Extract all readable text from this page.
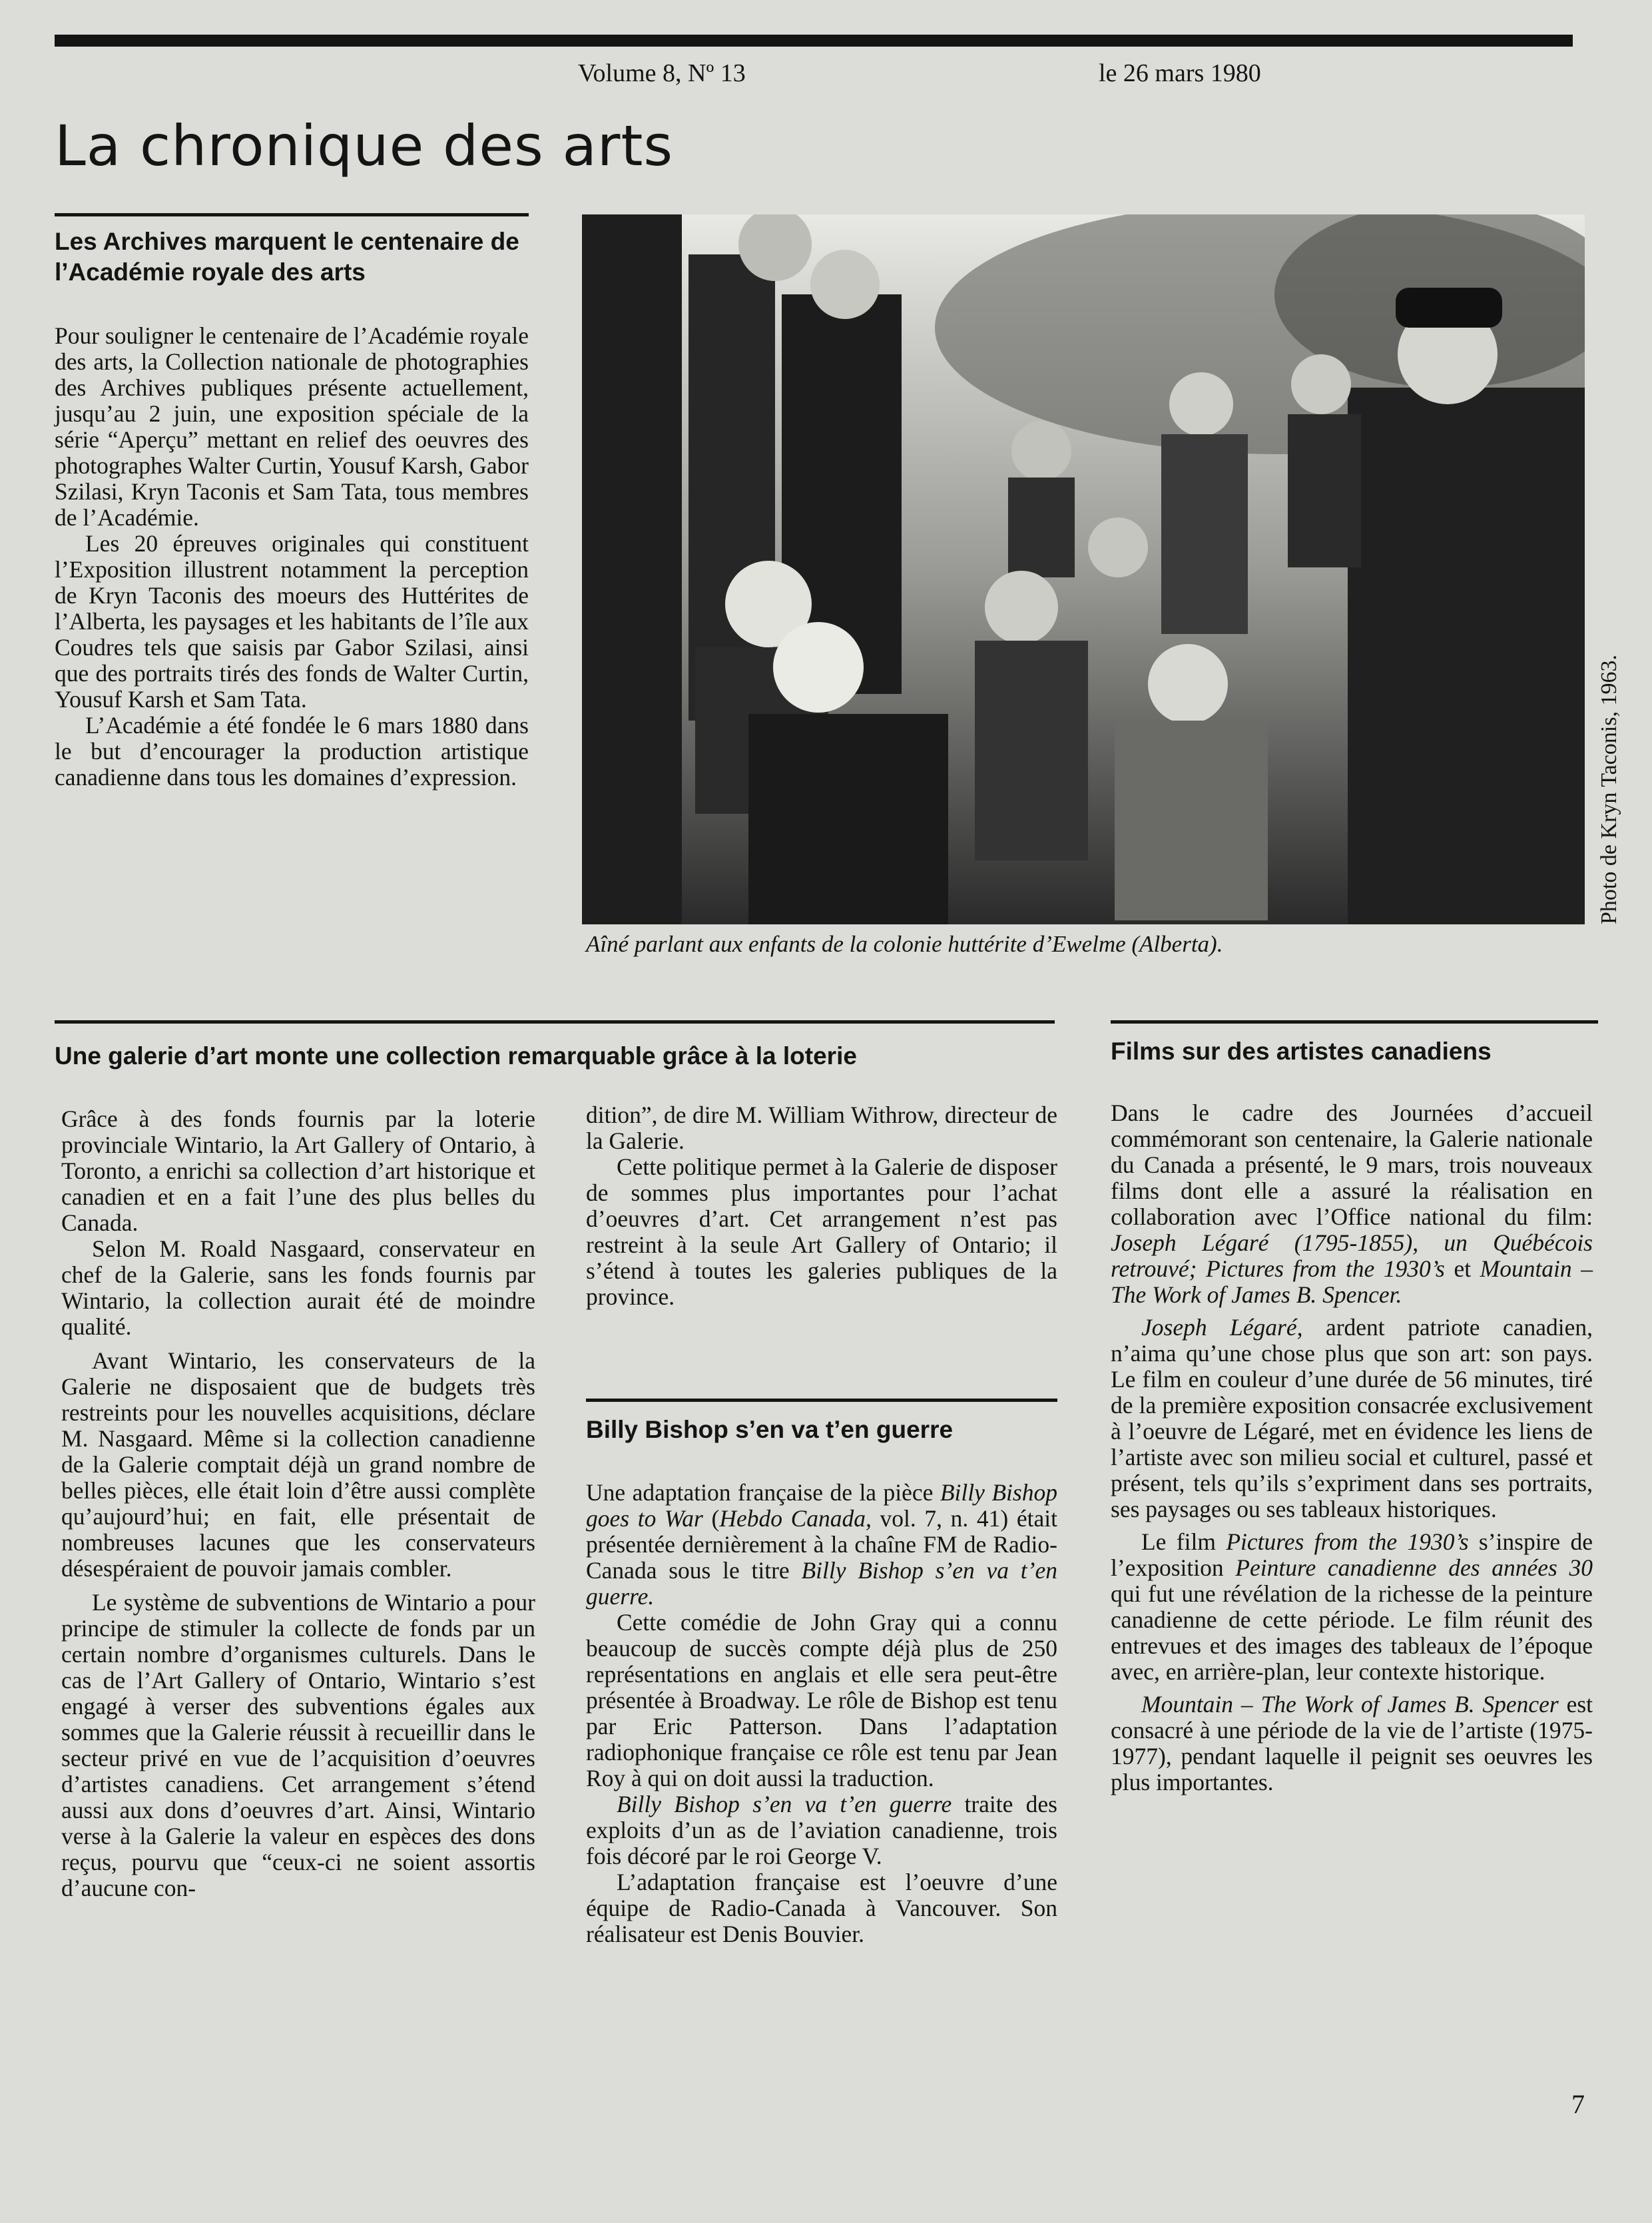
Volume 8, Nº 13	le 26 mars 1980
La chronique des arts
Les Archives marquent le centenaire de l’Académie royale des arts

Pour souligner le centenaire de l’Académie royale des arts, la Collection nationale de photographies des Archives publiques présente actuellement, jusqu’au 2 juin, une exposition spéciale de la série “Aperçu” mettant en relief des oeuvres des photographes Walter Curtin, Yousuf Karsh, Gabor Szilasi, Kryn Taconis et Sam Tata, tous membres de l’Académie.

Les 20 épreuves originales qui constituent l’Exposition illustrent notamment la perception de Kryn Taconis des moeurs des Huttérites de l’Alberta, les paysages et les habitants de l’île aux Coudres tels que saisis par Gabor Szilasi, ainsi que des portraits tirés des fonds de Walter Curtin, Yousuf Karsh et Sam Tata.

L’Académie a été fondée le 6 mars 1880 dans le but d’encourager la production artistique canadienne dans tous les domaines d’expression.

Aîné parlant aux enfants de la colonie huttérite d’Ewelme (Alberta).
Photo de Kryn Taconis, 1963.
Une galerie d’art monte une collection remarquable grâce à la loterie

Grâce à des fonds fournis par la loterie provinciale Wintario, la Art Gallery of Ontario, à Toronto, a enrichi sa collection d’art historique et canadien et en a fait l’une des plus belles du Canada.

Selon M. Roald Nasgaard, conservateur en chef de la Galerie, sans les fonds fournis par Wintario, la collection aurait été de moindre qualité.

Avant Wintario, les conservateurs de la Galerie ne disposaient que de budgets très restreints pour les nouvelles acquisitions, déclare M. Nasgaard. Même si la collection canadienne de la Galerie comptait déjà un grand nombre de belles pièces, elle était loin d’être aussi complète qu’aujourd’hui; en fait, elle présentait de nombreuses lacunes que les conservateurs désespéraient de pouvoir jamais combler.

Le système de subventions de Wintario a pour principe de stimuler la collecte de fonds par un certain nombre d’organismes culturels. Dans le cas de l’Art Gallery of Ontario, Wintario s’est engagé à verser des subventions égales aux sommes que la Galerie réussit à recueillir dans le secteur privé en vue de l’acquisition d’oeuvres d’artistes canadiens. Cet arrangement s’étend aussi aux dons d’oeuvres d’art. Ainsi, Wintario verse à la Galerie la valeur en espèces des dons reçus, pourvu que “ceux-ci ne soient assortis d’aucune con-

dition”, de dire M. William Withrow, directeur de la Galerie.

Cette politique permet à la Galerie de disposer de sommes plus importantes pour l’achat d’oeuvres d’art. Cet arrangement n’est pas restreint à la seule Art Gallery of Ontario; il s’étend à toutes les galeries publiques de la province.

Billy Bishop s’en va t’en guerre

Une adaptation française de la pièce Billy Bishop goes to War (Hebdo Canada, vol. 7, n. 41) était présentée dernièrement à la chaîne FM de Radio-Canada sous le titre Billy Bishop s’en va t’en guerre.

Cette comédie de John Gray qui a connu beaucoup de succès compte déjà plus de 250 représentations en anglais et elle sera peut-être présentée à Broadway. Le rôle de Bishop est tenu par Eric Patterson. Dans l’adaptation radiophonique française ce rôle est tenu par Jean Roy à qui on doit aussi la traduction.

Billy Bishop s’en va t’en guerre traite des exploits d’un as de l’aviation canadienne, trois fois décoré par le roi George V.

L’adaptation française est l’oeuvre d’une équipe de Radio-Canada à Vancouver. Son réalisateur est Denis Bouvier.

Films sur des artistes canadiens

Dans le cadre des Journées d’accueil commémorant son centenaire, la Galerie nationale du Canada a présenté, le 9 mars, trois nouveaux films dont elle a assuré la réalisation en collaboration avec l’Office national du film: Joseph Légaré (1795-1855), un Québécois retrouvé; Pictures from the 1930’s et Mountain – The Work of James B. Spencer.

Joseph Légaré, ardent patriote canadien, n’aima qu’une chose plus que son art: son pays. Le film en couleur d’une durée de 56 minutes, tiré de la première exposition consacrée exclusivement à l’oeuvre de Légaré, met en évidence les liens de l’artiste avec son milieu social et culturel, passé et présent, tels qu’ils s’expriment dans ses portraits, ses paysages ou ses tableaux historiques.

Le film Pictures from the 1930’s s’inspire de l’exposition Peinture canadienne des années 30 qui fut une révélation de la richesse de la peinture canadienne de cette période. Le film réunit des entrevues et des images des tableaux de l’époque avec, en arrière-plan, leur contexte historique.

Mountain – The Work of James B. Spencer est consacré à une période de la vie de l’artiste (1975-1977), pendant laquelle il peignit ses oeuvres les plus importantes.

7
